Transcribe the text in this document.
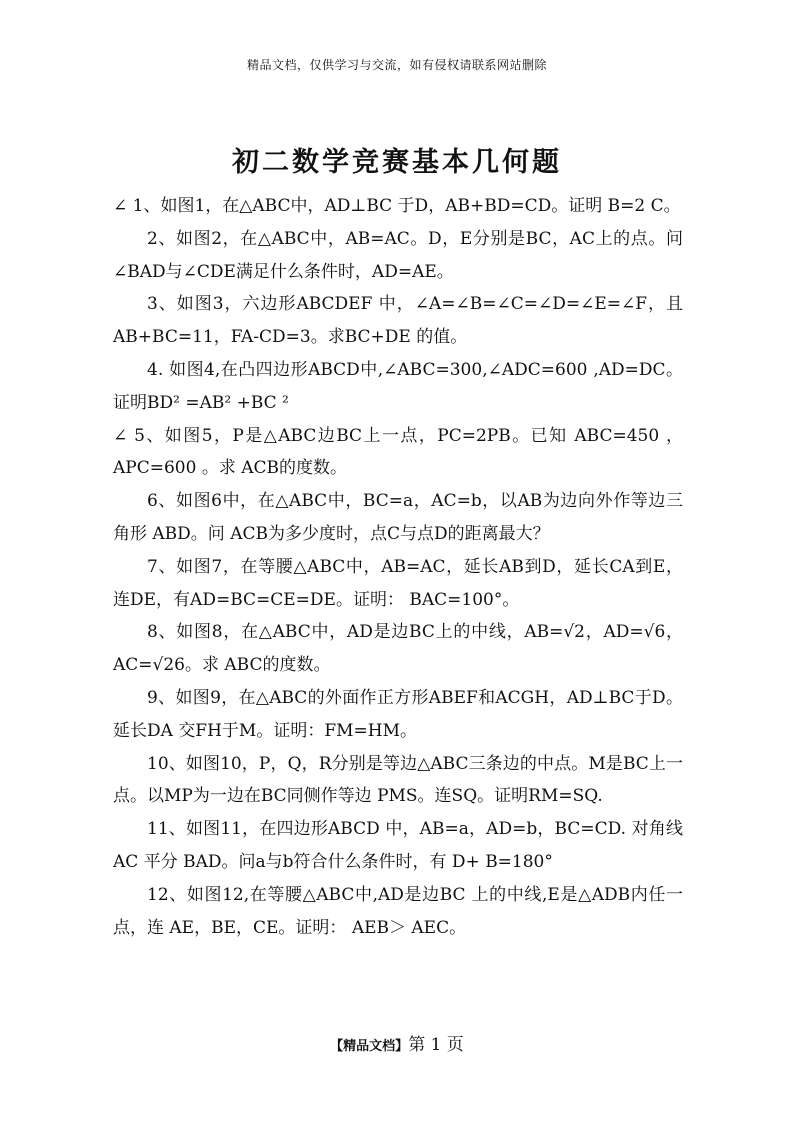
精品文档，仅供学习与交流，如有侵权请联系网站删除
初二数学竞赛基本几何题

∠ 1、如图1，在△ABC中，AD⊥BC 于D，AB+BD=CD。证明 B=2 C。

2、如图2，在△ABC中，AB=AC。D，E分别是BC，AC上的点。问∠BAD与∠CDE满足什么条件时，AD=AE。

3、如图3，六边形ABCDEF 中，∠A=∠B=∠C=∠D=∠E=∠F，且AB+BC=11，FA-CD=3。求BC+DE 的值。

4. 如图4,在凸四边形ABCD中,∠ABC=300,∠ADC=600 ,AD=DC。证明BD² =AB² +BC ²

∠ 5、如图5，P是△ABC边BC上一点，PC=2PB。已知 ABC=450 ， APC=600 。求 ACB的度数。

6、如图6中，在△ABC中，BC=a，AC=b，以AB为边向外作等边三角形 ABD。问 ACB为多少度时，点C与点D的距离最大？

7、如图7，在等腰△ABC中，AB=AC，延长AB到D，延长CA到E，连DE，有AD=BC=CE=DE。证明： BAC=100°。

8、如图8，在△ABC中，AD是边BC上的中线，AB=√2，AD=√6，AC=√26。求 ABC的度数。

9、如图9，在△ABC的外面作正方形ABEF和ACGH，AD⊥BC于D。延长DA 交FH于M。证明：FM=HM。

10、如图10，P，Q，R分别是等边△ABC三条边的中点。M是BC上一点。以MP为一边在BC同侧作等边 PMS。连SQ。证明RM=SQ.

11、如图11，在四边形ABCD 中，AB=a，AD=b，BC=CD. 对角线AC 平分 BAD。问a与b符合什么条件时，有 D+ B=180°

12、如图12,在等腰△ABC中,AD是边BC 上的中线,E是△ADB内任一点，连 AE，BE，CE。证明： AEB＞ AEC。

【精品文档】第 1 页
